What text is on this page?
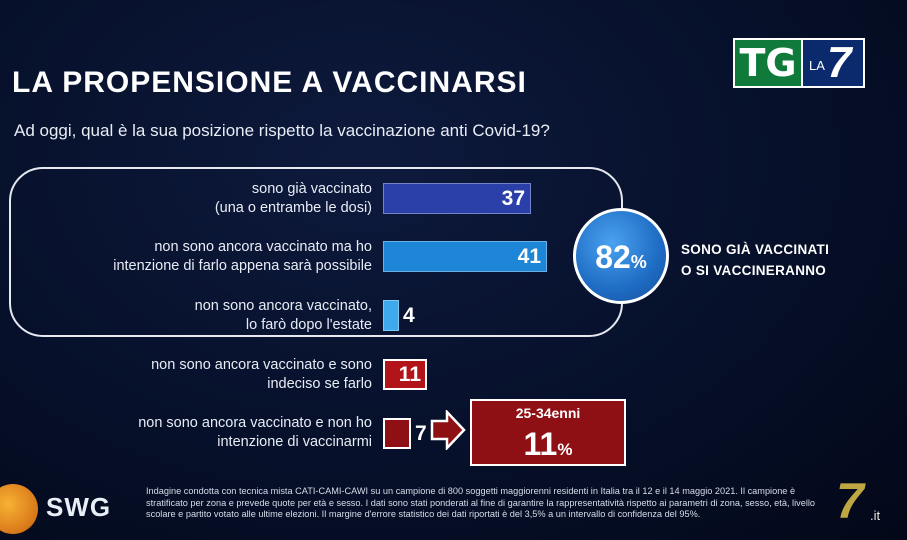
LA PROPENSIONE A VACCINARSI
Ad oggi, qual è la sua posizione rispetto la vaccinazione anti Covid-19?
TG LA 7
sono già vaccinato
(una o entrambe le dosi)
non sono ancora vaccinato ma ho
intenzione di farlo appena sarà possibile
non sono ancora vaccinato,
lo farò dopo l'estate
non sono ancora vaccinato e sono
indeciso se farlo
non sono ancora vaccinato e non ho
intenzione di vaccinarmi
37
41
4
11
7
82%
SONO GIÀ VACCINATI
O SI VACCINERANNO
25-34enni
11%
SWG
Indagine condotta con tecnica mista CATI-CAMI-CAWI su un campione di 800 soggetti maggiorenni residenti in Italia tra il 12 e il 14 maggio 2021. Il campione è stratificato per zona e prevede quote per età e sesso. I dati sono stati ponderati al fine di garantire la rappresentatività rispetto ai parametri di zona, sesso, età, livello scolare e partito votato alle ultime elezioni. Il margine d'errore statistico dei dati riportati è del 3,5% a un intervallo di confidenza del 95%.	7 .it
